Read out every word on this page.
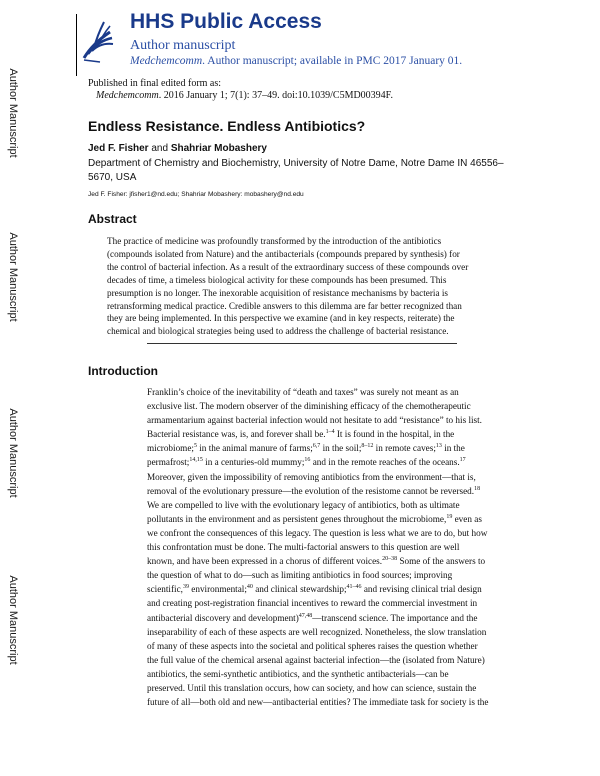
Author Manuscript
Author Manuscript
Author Manuscript
Author Manuscript
HHS Public Access
Author manuscript
Medchemcomm. Author manuscript; available in PMC 2017 January 01.
Published in final edited form as:
Medchemcomm. 2016 January 1; 7(1): 37–49. doi:10.1039/C5MD00394F.
Endless Resistance. Endless Antibiotics?
Jed F. Fisher and Shahriar Mobashery
Department of Chemistry and Biochemistry, University of Notre Dame, Notre Dame IN 46556–5670, USA
Jed F. Fisher: jfisher1@nd.edu; Shahriar Mobashery: mobashery@nd.edu
Abstract
The practice of medicine was profoundly transformed by the introduction of the antibiotics
(compounds isolated from Nature) and the antibacterials (compounds prepared by synthesis) for
the control of bacterial infection. As a result of the extraordinary success of these compounds over
decades of time, a timeless biological activity for these compounds has been presumed. This
presumption is no longer. The inexorable acquisition of resistance mechanisms by bacteria is
retransforming medical practice. Credible answers to this dilemma are far better recognized than
they are being implemented. In this perspective we examine (and in key respects, reiterate) the
chemical and biological strategies being used to address the challenge of bacterial resistance.
Introduction
Franklin’s choice of the inevitability of “death and taxes” was surely not meant as an
exclusive list. The modern observer of the diminishing efficacy of the chemotherapeutic
armamentarium against bacterial infection would not hesitate to add “resistance” to his list.
Bacterial resistance was, is, and forever shall be.$^{1-4}$ It is found in the hospital, in the
microbiome;$^5$ in the animal manure of farms;$^{6,7}$ in the soil;$^{8-12}$ in remote caves;$^{13}$ in the
permafrost;$^{14,15}$ in a centuries-old mummy;$^{16}$ and in the remote reaches of the oceans.$^{17}$
Moreover, given the impossibility of removing antibiotics from the environment—that is,
removal of the evolutionary pressure—the evolution of the resistome cannot be reversed.$^{18}$
We are compelled to live with the evolutionary legacy of antibiotics, both as ultimate
pollutants in the environment and as persistent genes throughout the microbiome,$^{19}$ even as
we confront the consequences of this legacy. The question is less what we are to do, but how
this confrontation must be done. The multi-factorial answers to this question are well
known, and have been expressed in a chorus of different voices.$^{20-38}$ Some of the answers to
the question of what to do—such as limiting antibiotics in food sources; improving
scientific,$^{39}$ environmental;$^{40}$ and clinical stewardship;$^{41-46}$ and revising clinical trial design
and creating post-registration financial incentives to reward the commercial investment in
antibacterial discovery and development)$^{47,48}$—transcend science. The importance and the
inseparability of each of these aspects are well recognized. Nonetheless, the slow translation
of many of these aspects into the societal and political spheres raises the question whether
the full value of the chemical arsenal against bacterial infection—the (isolated from Nature)
antibiotics, the semi-synthetic antibiotics, and the synthetic antibacterials—can be
preserved. Until this translation occurs, how can society, and how can science, sustain the
future of all—both old and new—antibacterial entities? The immediate task for society is the
